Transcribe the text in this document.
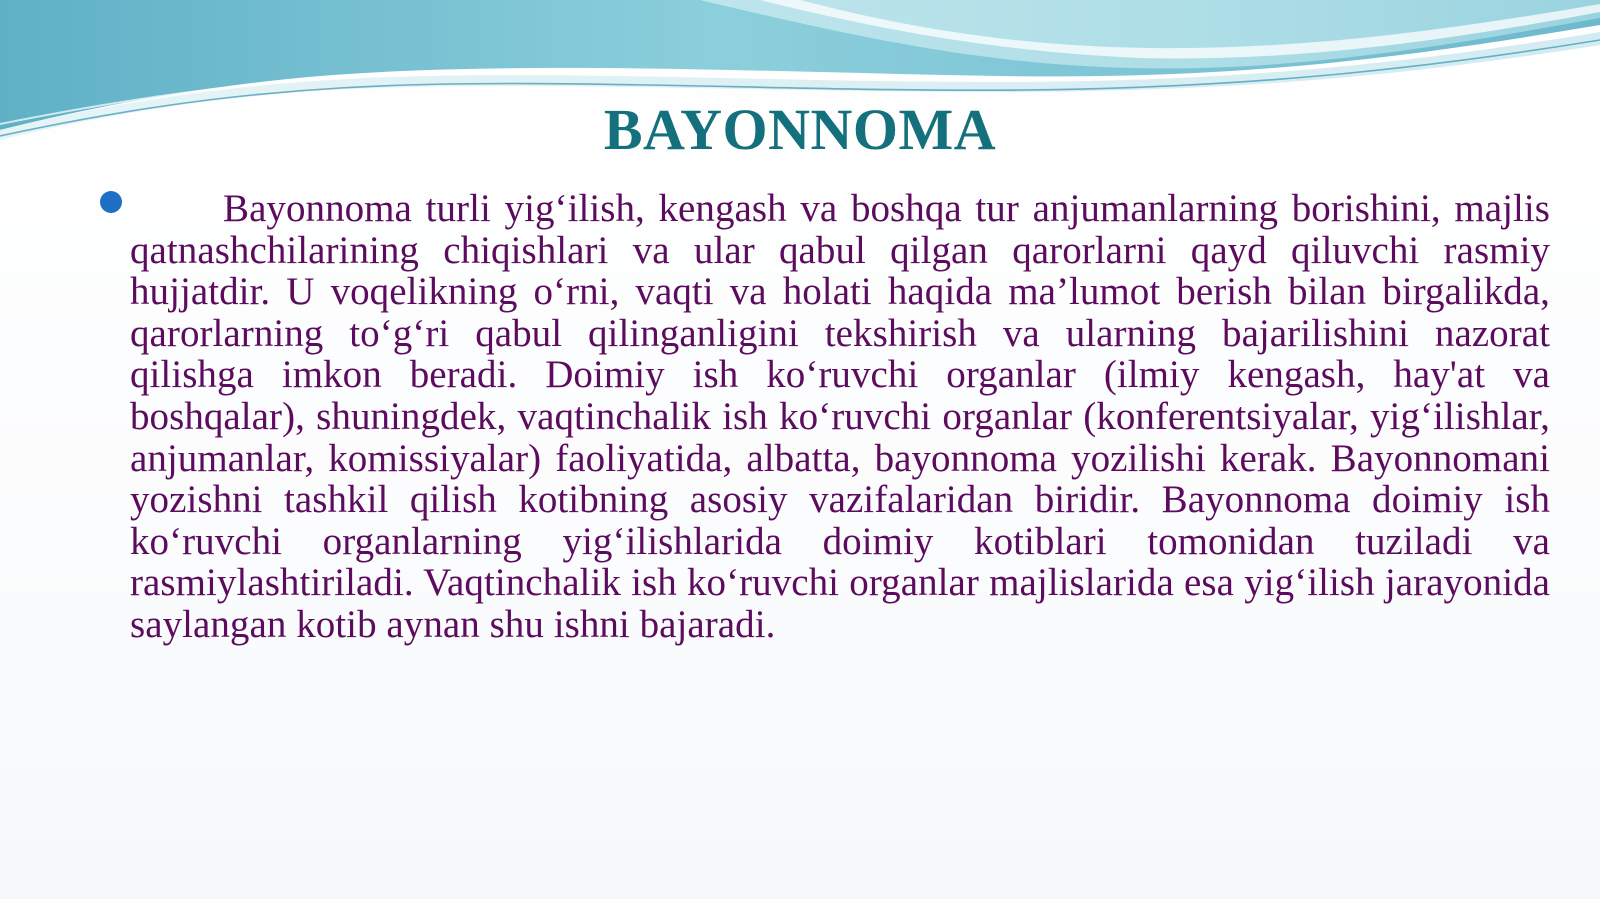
BAYONNOMA

Bayonnoma turli yig‘ilish, kengash va boshqa tur anjumanlarning borishini, majlis qatnashchilarining chiqishlari va ular qabul qilgan qarorlarni qayd qiluvchi rasmiy hujjatdir. U voqelikning o‘rni, vaqti va holati haqida ma’lumot berish bilan birgalikda, qarorlarning to‘g‘ri qabul qilinganligini tekshirish va ularning bajarilishini nazorat qilishga imkon beradi. Doimiy ish ko‘ruvchi organlar (ilmiy kengash, hay'at va boshqalar), shuningdek, vaqtinchalik ish ko‘ruvchi organlar (konferentsiyalar, yig‘ilishlar, anjumanlar, komissiyalar) faoliyatida, albatta, bayonnoma yozilishi kerak. Bayonnomani yozishni tashkil qilish kotibning asosiy vazifalaridan biridir. Bayonnoma doimiy ish ko‘ruvchi organlarning yig‘ilishlarida doimiy kotiblari tomonidan tuziladi va rasmiylashtiriladi. Vaqtinchalik ish ko‘ruvchi organlar majlislarida esa yig‘ilish jarayonida saylangan kotib aynan shu ishni bajaradi.
